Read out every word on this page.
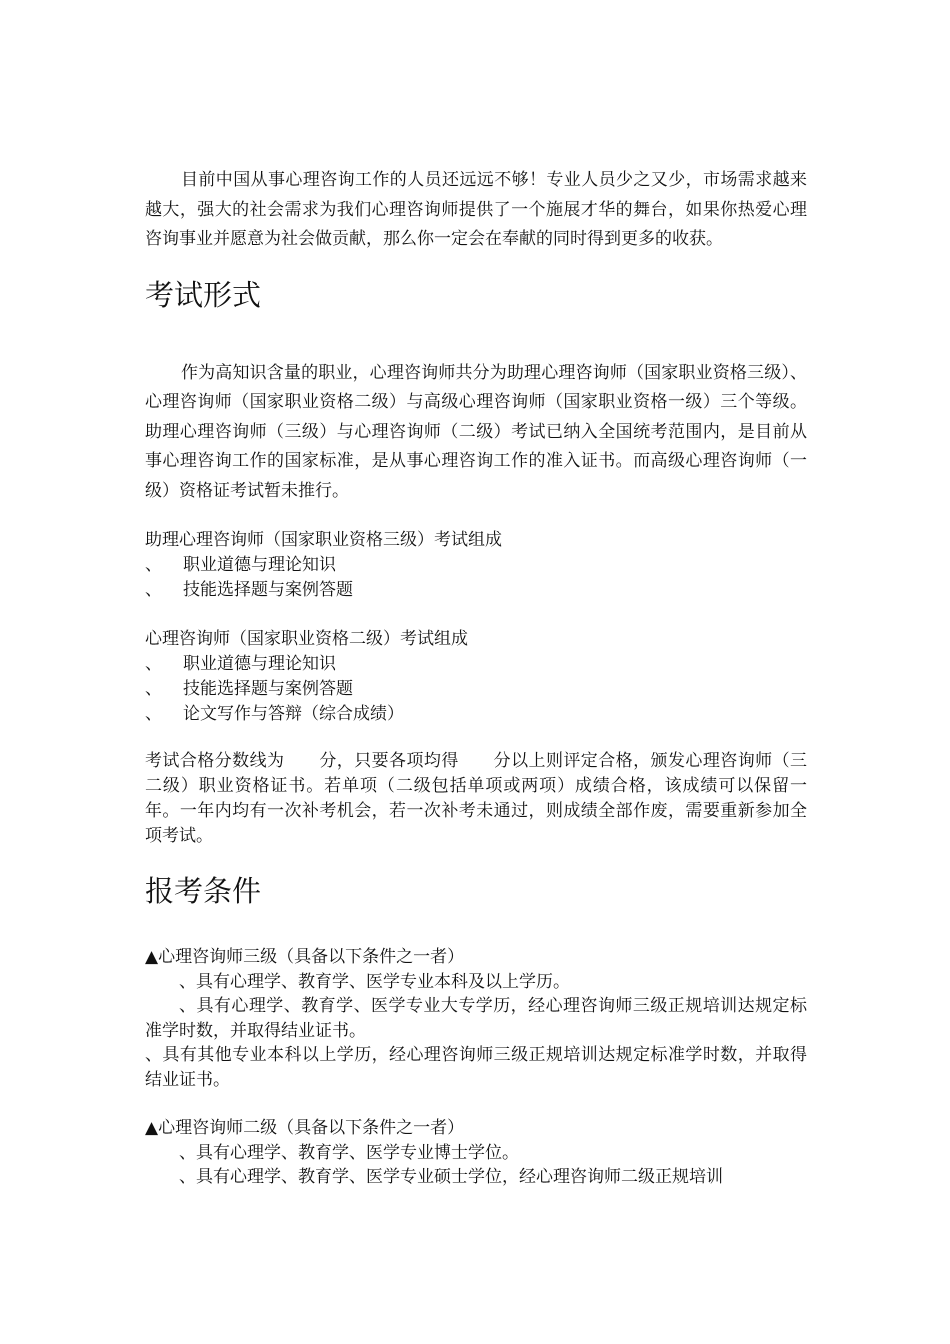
目前中国从事心理咨询工作的人员还远远不够！专业人员少之又少，市场需求越来越大，强大的社会需求为我们心理咨询师提供了一个施展才华的舞台，如果你热爱心理咨询事业并愿意为社会做贡献，那么你一定会在奉献的同时得到更多的收获。

考试形式

作为高知识含量的职业，心理咨询师共分为助理心理咨询师（国家职业资格三级）、心理咨询师（国家职业资格二级）与高级心理咨询师（国家职业资格一级）三个等级。助理心理咨询师（三级）与心理咨询师（二级）考试已纳入全国统考范围内，是目前从事心理咨询工作的国家标准，是从事心理咨询工作的准入证书。而高级心理咨询师（一级）资格证考试暂未推行。

助理心理咨询师（国家职业资格三级）考试组成

、	职业道德与理论知识
、	技能选择题与案例答题

心理咨询师（国家职业资格二级）考试组成

、	职业道德与理论知识
、	技能选择题与案例答题
、	论文写作与答辩（综合成绩）

考试合格分数线为　　分，只要各项均得　　分以上则评定合格，颁发心理咨询师（三 二级）职业资格证书。若单项（二级包括单项或两项）成绩合格，该成绩可以保留一年。一年内均有一次补考机会，若一次补考未通过，则成绩全部作废，需要重新参加全项考试。

报考条件

▲心理咨询师三级（具备以下条件之一者）

、具有心理学、教育学、医学专业本科及以上学历。

、具有心理学、教育学、医学专业大专学历，经心理咨询师三级正规培训达规定标准学时数，并取得结业证书。

、具有其他专业本科以上学历，经心理咨询师三级正规培训达规定标准学时数，并取得结业证书。

▲心理咨询师二级（具备以下条件之一者）

、具有心理学、教育学、医学专业博士学位。

、具有心理学、教育学、医学专业硕士学位，经心理咨询师二级正规培训
